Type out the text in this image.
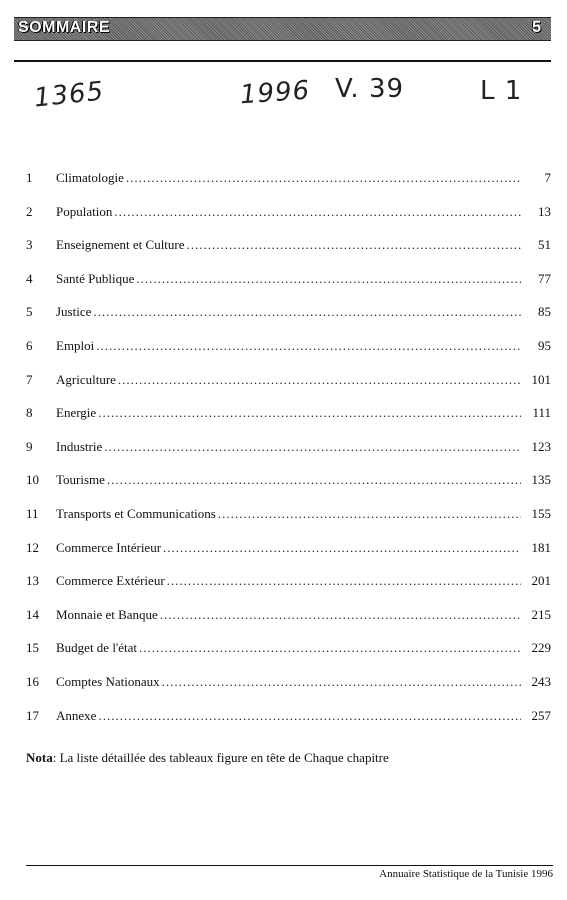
SOMMAIRE	5
1365	1996 V. 39	L 1
1	Climatologie .....	7
2	Population .....	13
3	Enseignement et Culture .....	51
4	Santé Publique .....	77
5	Justice .....	85
6	Emploi .....	95
7	Agriculture .....	101
8	Energie .....	111
9	Industrie .....	123
10	Tourisme .....	135
11	Transports et Communications .....	155
12	Commerce Intérieur .....	181
13	Commerce Extérieur .....	201
14	Monnaie et Banque .....	215
15	Budget de l'état .....	229
16	Comptes Nationaux .....	243
17	Annexe .....	257
Nota: La liste détaillée des tableaux figure en tête de Chaque chapitre
Annuaire Statistique de la Tunisie 1996
